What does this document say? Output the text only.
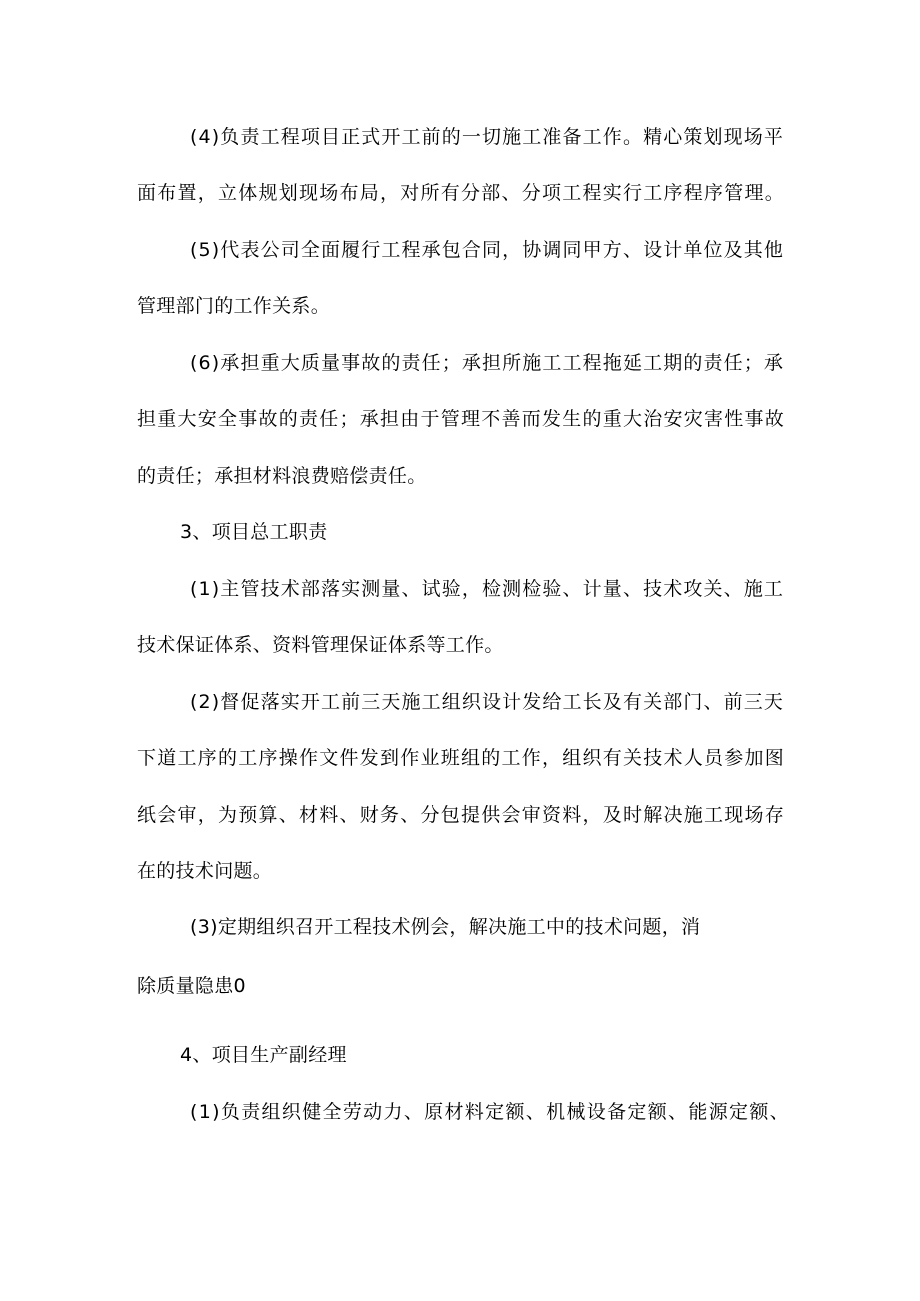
(4)负责工程项目正式开工前的一切施工准备工作。精心策划现场平
面布置，立体规划现场布局，对所有分部、分项工程实行工序程序管理。
(5)代表公司全面履行工程承包合同，协调同甲方、设计单位及其他
管理部门的工作关系。
(6)承担重大质量事故的责任；承担所施工工程拖延工期的责任；承
担重大安全事故的责任；承担由于管理不善而发生的重大治安灾害性事故
的责任；承担材料浪费赔偿责任。
3、项目总工职责
(1)主管技术部落实测量、试验，检测检验、计量、技术攻关、施工
技术保证体系、资料管理保证体系等工作。
(2)督促落实开工前三天施工组织设计发给工长及有关部门、前三天
下道工序的工序操作文件发到作业班组的工作，组织有关技术人员参加图
纸会审，为预算、材料、财务、分包提供会审资料，及时解决施工现场存
在的技术问题。
(3)定期组织召开工程技术例会，解决施工中的技术问题，消
除质量隐患0
4、项目生产副经理
(1)负责组织健全劳动力、原材料定额、机械设备定额、能源定额、
